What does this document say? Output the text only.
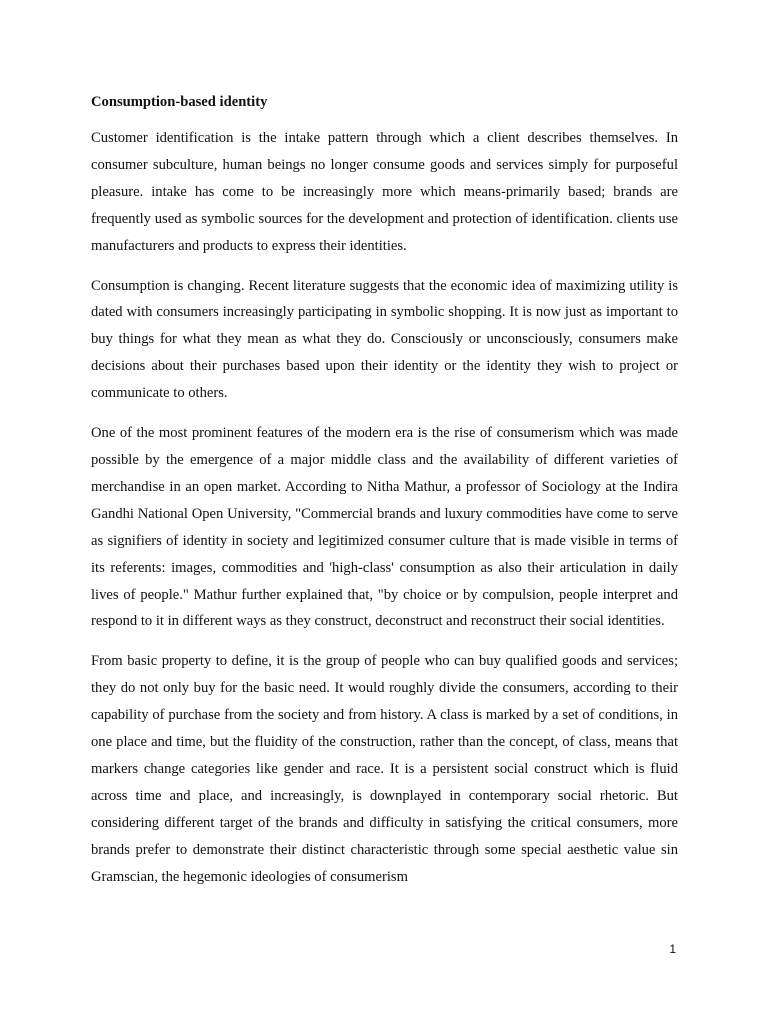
Consumption-based identity

Customer identification is the intake pattern through which a client describes themselves. In consumer subculture, human beings no longer consume goods and services simply for purposeful pleasure. intake has come to be increasingly more which means-primarily based; brands are frequently used as symbolic sources for the development and protection of identification. clients use manufacturers and products to express their identities.

Consumption is changing. Recent literature suggests that the economic idea of maximizing utility is dated with consumers increasingly participating in symbolic shopping. It is now just as important to buy things for what they mean as what they do. Consciously or unconsciously, consumers make decisions about their purchases based upon their identity or the identity they wish to project or communicate to others.

One of the most prominent features of the modern era is the rise of consumerism which was made possible by the emergence of a major middle class and the availability of different varieties of merchandise in an open market. According to Nitha Mathur, a professor of Sociology at the Indira Gandhi National Open University, "Commercial brands and luxury commodities have come to serve as signifiers of identity in society and legitimized consumer culture that is made visible in terms of its referents: images, commodities and 'high-class' consumption as also their articulation in daily lives of people." Mathur further explained that, "by choice or by compulsion, people interpret and respond to it in different ways as they construct, deconstruct and reconstruct their social identities.

From basic property to define, it is the group of people who can buy qualified goods and services; they do not only buy for the basic need. It would roughly divide the consumers, according to their capability of purchase from the society and from history. A class is marked by a set of conditions, in one place and time, but the fluidity of the construction, rather than the concept, of class, means that markers change categories like gender and race. It is a persistent social construct which is fluid across time and place, and increasingly, is downplayed in contemporary social rhetoric. But considering different target of the brands and difficulty in satisfying the critical consumers, more brands prefer to demonstrate their distinct characteristic through some special aesthetic value sin Gramscian, the hegemonic ideologies of consumerism

1
